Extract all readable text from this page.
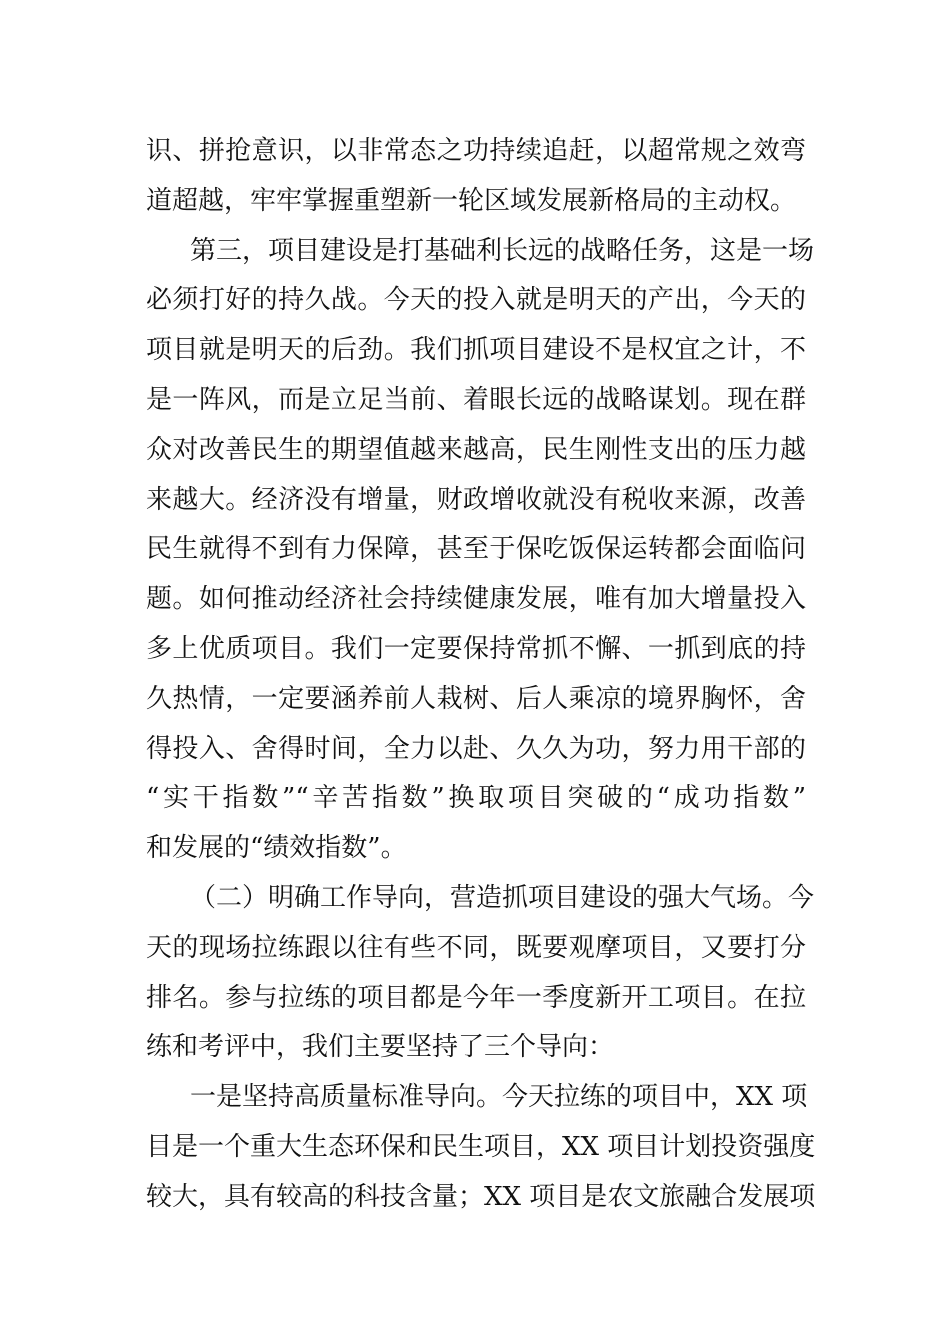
识、拼抢意识，以非常态之功持续追赶，以超常规之效弯
道超越，牢牢掌握重塑新一轮区域发展新格局的主动权。
第三，项目建设是打基础利长远的战略任务，这是一场
必须打好的持久战。今天的投入就是明天的产出，今天的
项目就是明天的后劲。我们抓项目建设不是权宜之计，不
是一阵风，而是立足当前、着眼长远的战略谋划。现在群
众对改善民生的期望值越来越高，民生刚性支出的压力越
来越大。经济没有增量，财政增收就没有税收来源，改善
民生就得不到有力保障，甚至于保吃饭保运转都会面临问
题。如何推动经济社会持续健康发展，唯有加大增量投入
多上优质项目。我们一定要保持常抓不懈、一抓到底的持
久热情，一定要涵养前人栽树、后人乘凉的境界胸怀，舍
得投入、舍得时间，全力以赴、久久为功，努力用干部的
“实干指数”“辛苦指数”换取项目突破的“成功指数”
和发展的“绩效指数”。
（二）明确工作导向，营造抓项目建设的强大气场。今
天的现场拉练跟以往有些不同，既要观摩项目，又要打分
排名。参与拉练的项目都是今年一季度新开工项目。在拉
练和考评中，我们主要坚持了三个导向：
一是坚持高质量标准导向。今天拉练的项目中，XX 项
目是一个重大生态环保和民生项目，XX 项目计划投资强度
较大，具有较高的科技含量；XX 项目是农文旅融合发展项
